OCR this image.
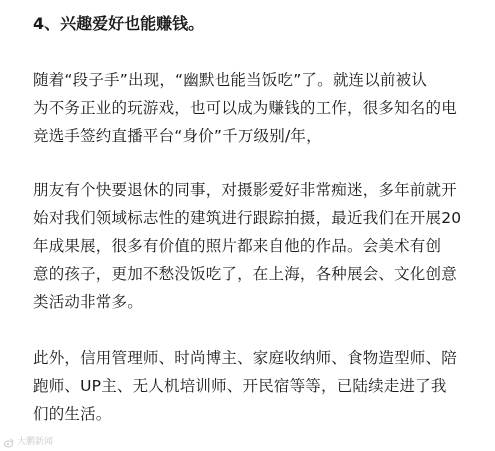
4、兴趣爱好也能赚钱。
随着“段子手”出现，“幽默也能当饭吃”了。就连以前被认
为不务正业的玩游戏，也可以成为赚钱的工作，很多知名的电
竞选手签约直播平台“身价”千万级别/年，
朋友有个快要退休的同事，对摄影爱好非常痴迷，多年前就开
始对我们领域标志性的建筑进行跟踪拍摄，最近我们在开展20
年成果展，很多有价值的照片都来自他的作品。会美术有创
意的孩子，更加不愁没饭吃了，在上海，各种展会、文化创意
类活动非常多。
此外，信用管理师、时尚博主、家庭收纳师、食物造型师、陪
跑师、UP主、无人机培训师、开民宿等等，已陆续走进了我
们的生活。
大鹏新闻
